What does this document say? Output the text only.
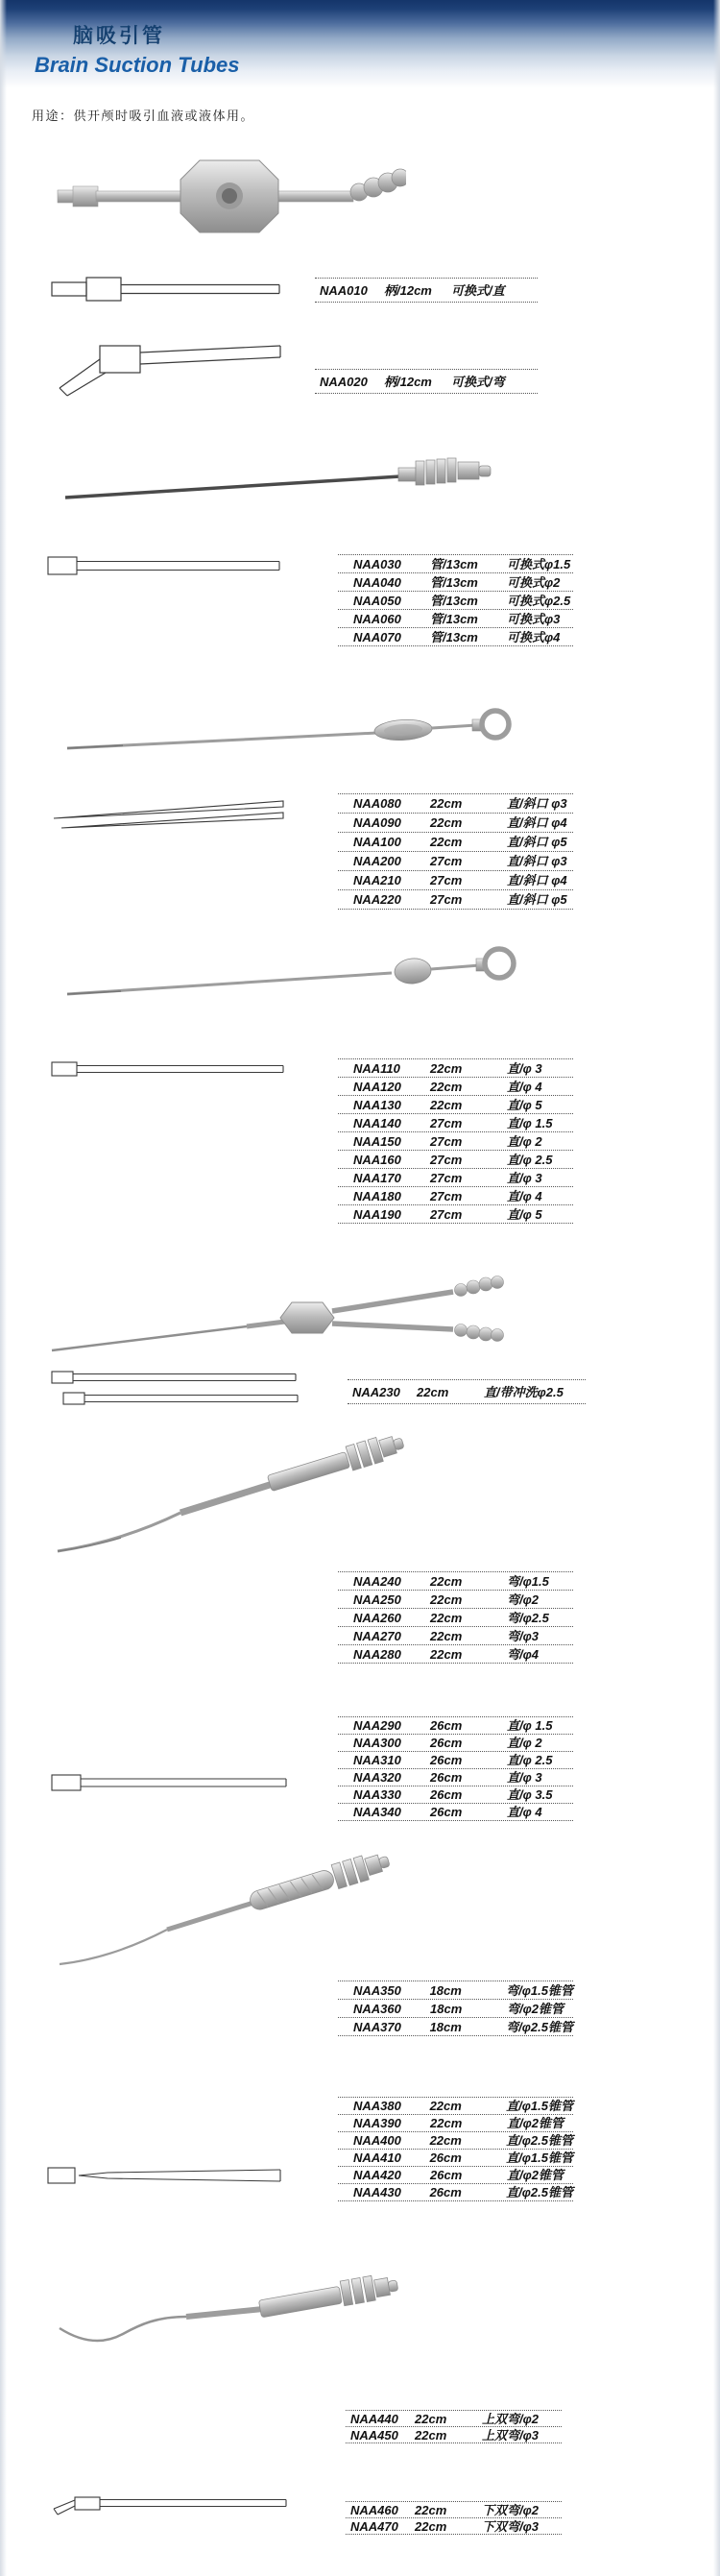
脑吸引管
Brain Suction Tubes
用途：供开颅时吸引血液或液体用。
NAA010	柄/12cm	可换式/直
NAA020	柄/12cm	可换式/弯
NAA030	管/13cm	可换式φ1.5
NAA040	管/13cm	可换式φ2
NAA050	管/13cm	可换式φ2.5
NAA060	管/13cm	可换式φ3
NAA070	管/13cm	可换式φ4
NAA080	22cm	直/斜口 φ3
NAA090	22cm	直/斜口 φ4
NAA100	22cm	直/斜口 φ5
NAA200	27cm	直/斜口 φ3
NAA210	27cm	直/斜口 φ4
NAA220	27cm	直/斜口 φ5
NAA110	22cm	直/φ 3
NAA120	22cm	直/φ 4
NAA130	22cm	直/φ 5
NAA140	27cm	直/φ 1.5
NAA150	27cm	直/φ 2
NAA160	27cm	直/φ 2.5
NAA170	27cm	直/φ 3
NAA180	27cm	直/φ 4
NAA190	27cm	直/φ 5
NAA230	22cm	直/带冲洗φ2.5
NAA240	22cm	弯/φ1.5
NAA250	22cm	弯/φ2
NAA260	22cm	弯/φ2.5
NAA270	22cm	弯/φ3
NAA280	22cm	弯/φ4
NAA290	26cm	直/φ 1.5
NAA300	26cm	直/φ 2
NAA310	26cm	直/φ 2.5
NAA320	26cm	直/φ 3
NAA330	26cm	直/φ 3.5
NAA340	26cm	直/φ 4
NAA350	18cm	弯/φ1.5锥管
NAA360	18cm	弯/φ2锥管
NAA370	18cm	弯/φ2.5锥管
NAA380	22cm	直/φ1.5锥管
NAA390	22cm	直/φ2锥管
NAA400	22cm	直/φ2.5锥管
NAA410	26cm	直/φ1.5锥管
NAA420	26cm	直/φ2锥管
NAA430	26cm	直/φ2.5锥管
NAA440	22cm	上双弯/φ2
NAA450	22cm	上双弯/φ3
NAA460	22cm	下双弯/φ2
NAA470	22cm	下双弯/φ3
